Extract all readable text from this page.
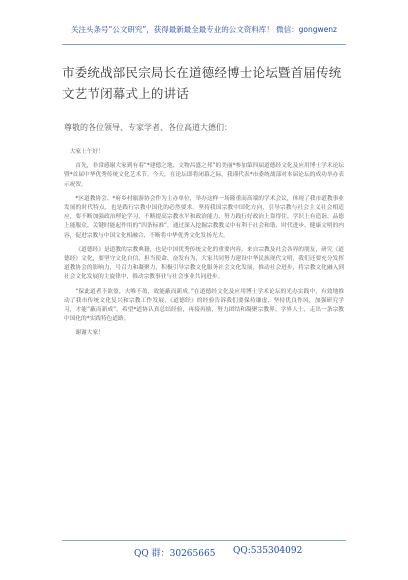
关注头条号“公文研究”，获得最新最全最专业的公文资料库！ 微信：gongwenz
市委统战部民宗局长在道德经博士论坛暨首届传统文艺节闭幕式上的讲话
尊敬的各位领导、专家学者、各位高道大德们：

大家上午好！

首先，非常感谢大家到有着“*建德之地、文物昌盛之邦”的美丽*参加第四届道德经文化及应用博士学术论坛暨*首届中华优秀传统文化艺术节。今天，在论坛即将闭幕之际，我谨代表*市委统战部对本届论坛的成功举办表示祝贺。

*区道教协会、*府乡村旅游协会作为主办单位，举办这样一场隆重而高端的学术会议，体现了我市道教事业发展的时代特点，也是践行宗教中国化的必然要求。坚持我国宗教中国化方向，引导宗教与社会主义社会相适应，要不断加强政治理论学习，不断提高宗教水平和政治能力，努力践行好政治上靠得住、学识上有造诣、品德上能服众、关键时能起作用的“四条标准”，通过深入挖掘宗教教义中有利于社会和谐、时代进步、健康文明的内容，促进宗教与中国文化相融合，不断将中华优秀文化发扬光大。

《道德经》是道教的宗教典籍，也是中国优秀传统文化的重要内容，来自宗教及社会各界的朋友，研究《道德经》文化，要坚守文化自信、担当使命、奋发有为，大家共同努力建设中华民族现代文明，我们还要充分发挥道教协会的影响力，号召力和凝聚力，积极引导宗教文化服务社会文化发展，推动社会进步，将宗教文化融入到社会文化发展的主旋律中，推动宗教事业与社会事业共同进步。

“保此道者不欲盈，夫唯不盈，故能蔽而新成。”在道德经文化及应用博士学术论坛的光办实践中，有效地推动了我市传统文化复兴和宗教工作发展，《道德经》的经验告诉我们要保持谦虚，坚持优良作风，加强研究学习，才能“蔽而新成”。希望*道协认真总结经验，再接再励，努力团结和凝聚宗教界、学界人士，走出一条宗教中国化的*实践特色道路。

谢谢大家！

QQ 群：30265665 QQ:535304092
